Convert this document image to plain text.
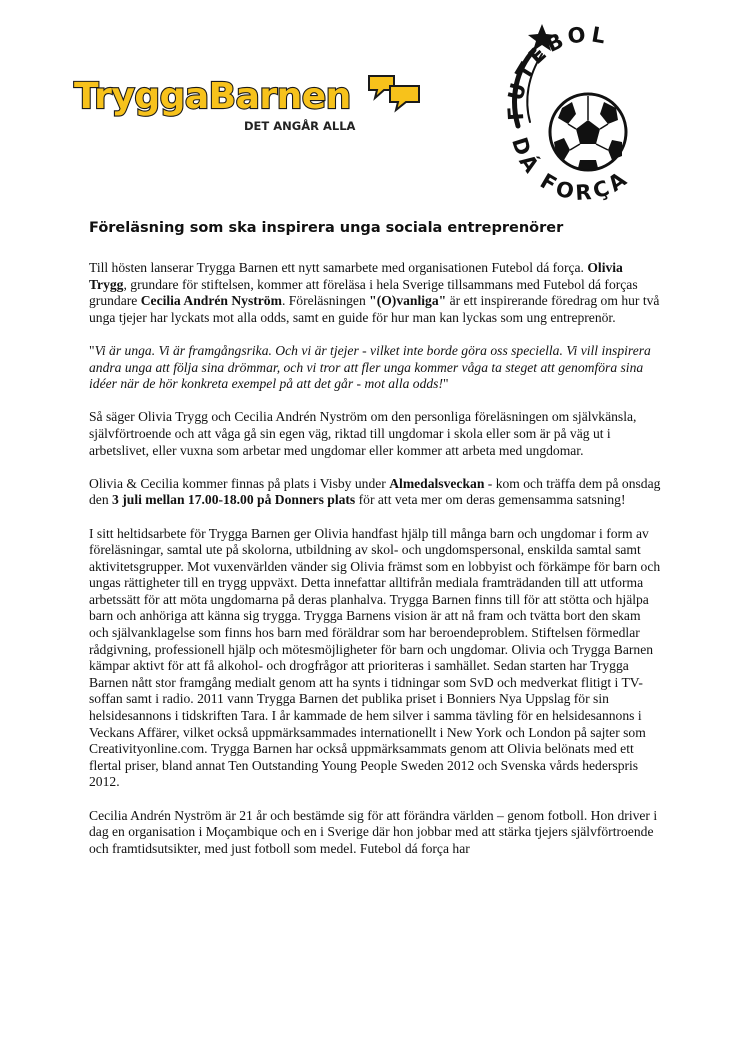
TryggaBarnen
DET ANGÅR ALLA
FUTEBOL
DÁ FORÇA
Föreläsning som ska inspirera unga sociala entreprenörer

Till hösten lanserar Trygga Barnen ett nytt samarbete med organisationen Futebol dá força. Olivia Trygg, grundare för stiftelsen, kommer att föreläsa i hela Sverige tillsammans med Futebol dá forças grundare Cecilia Andrén Nyström. Föreläsningen "(O)vanliga" är ett inspirerande föredrag om hur två unga tjejer har lyckats mot alla odds, samt en guide för hur man kan lyckas som ung entreprenör.

"Vi är unga. Vi är framgångsrika. Och vi är tjejer - vilket inte borde göra oss speciella. Vi vill inspirera andra unga att följa sina drömmar, och vi tror att fler unga kommer våga ta steget att genomföra sina idéer när de hör konkreta exempel på att det går - mot alla odds!"

Så säger Olivia Trygg och Cecilia Andrén Nyström om den personliga föreläsningen om självkänsla, självförtroende och att våga gå sin egen väg, riktad till ungdomar i skola eller som är på väg ut i arbetslivet, eller vuxna som arbetar med ungdomar eller kommer att arbeta med ungdomar.

Olivia & Cecilia kommer finnas på plats i Visby under Almedalsveckan - kom och träffa dem på onsdag den 3 juli mellan 17.00-18.00 på Donners plats för att veta mer om deras gemensamma satsning!

I sitt heltidsarbete för Trygga Barnen ger Olivia handfast hjälp till många barn och ungdomar i form av föreläsningar, samtal ute på skolorna, utbildning av skol- och ungdomspersonal, enskilda samtal samt aktivitetsgrupper. Mot vuxenvärlden vänder sig Olivia främst som en lobbyist och förkämpe för barn och ungas rättigheter till en trygg uppväxt. Detta innefattar alltifrån mediala framträdanden till att utforma arbetssätt för att möta ungdomarna på deras planhalva. Trygga Barnen finns till för att stötta och hjälpa barn och anhöriga att känna sig trygga. Trygga Barnens vision är att nå fram och tvätta bort den skam och självanklagelse som finns hos barn med föräldrar som har beroendeproblem. Stiftelsen förmedlar rådgivning, professionell hjälp och mötesmöjligheter för barn och ungdomar. Olivia och Trygga Barnen kämpar aktivt för att få alkohol- och drogfrågor att prioriteras i samhället. Sedan starten har Trygga Barnen nått stor framgång medialt genom att ha synts i tidningar som SvD och medverkat flitigt i TV-soffan samt i radio. 2011 vann Trygga Barnen det publika priset i Bonniers Nya Uppslag för sin helsidesannons i tidskriften Tara. I år kammade de hem silver i samma tävling för en helsidesannons i Veckans Affärer, vilket också uppmärksammades internationellt i New York och London på sajter som Creativityonline.com. Trygga Barnen har också uppmärksammats genom att Olivia belönats med ett flertal priser, bland annat Ten Outstanding Young People Sweden 2012 och Svenska vårds hederspris 2012.

Cecilia Andrén Nyström är 21 år och bestämde sig för att förändra världen – genom fotboll. Hon driver i dag en organisation i Moçambique och en i Sverige där hon jobbar med att stärka tjejers självförtroende och framtidsutsikter, med just fotboll som medel. Futebol dá força har
